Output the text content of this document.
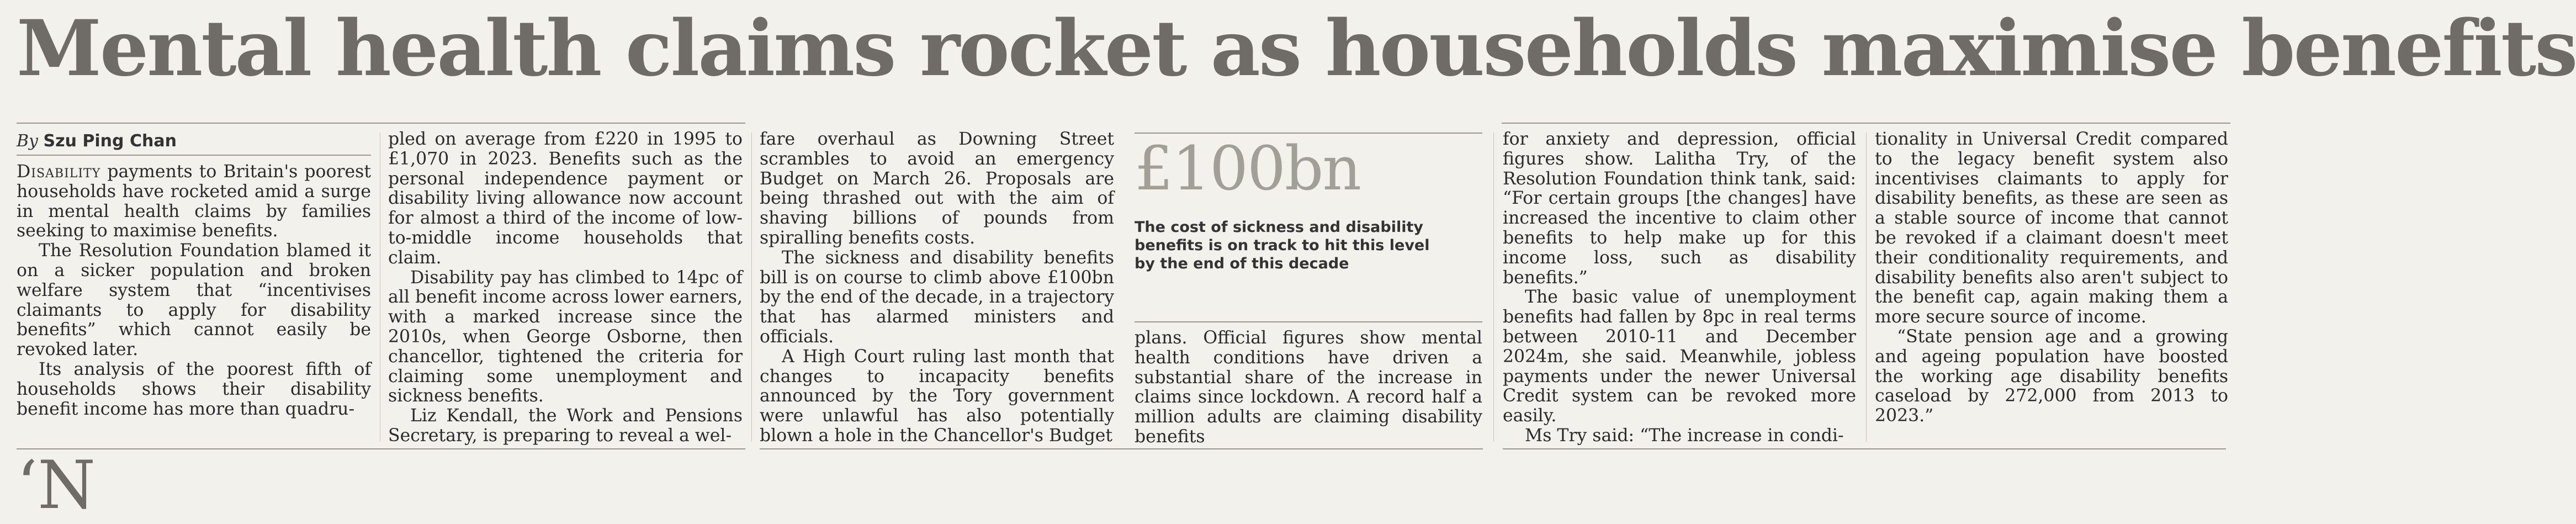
Mental health claims rocket as households maximise benefits
By Szu Ping Chan

Disability payments to Britain's poorest households have rocketed amid a surge in mental health claims by families seeking to maximise benefits.

The Resolution Foundation blamed it on a sicker population and broken welfare system that “incentivises claimants to apply for disability benefits” which cannot easily be revoked later.

Its analysis of the poorest fifth of households shows their disability benefit income has more than quadru-

pled on average from £220 in 1995 to £1,070 in 2023. Benefits such as the personal independence payment or disability living allowance now account for almost a third of the income of low-to-middle income households that claim.

Disability pay has climbed to 14pc of all benefit income across lower earners, with a marked increase since the 2010s, when George Osborne, then chancellor, tightened the criteria for claiming some unemployment and sickness benefits.

Liz Kendall, the Work and Pensions Secretary, is preparing to reveal a wel-

fare overhaul as Downing Street scrambles to avoid an emergency Budget on March 26. Proposals are being thrashed out with the aim of shaving billions of pounds from spiralling benefits costs.

The sickness and disability benefits bill is on course to climb above £100bn by the end of the decade, in a trajectory that has alarmed ministers and officials.

A High Court ruling last month that changes to incapacity benefits announced by the Tory government were unlawful has also potentially blown a hole in the Chancellor's Budget

£100bn

The cost of sickness and disability benefits is on track to hit this level by the end of this decade

plans. Official figures show mental health conditions have driven a substantial share of the increase in claims since lockdown. A record half a million adults are claiming disability benefits

for anxiety and depression, official figures show. Lalitha Try, of the Resolution Foundation think tank, said: “For certain groups [the changes] have increased the incentive to claim other benefits to help make up for this income loss, such as disability benefits.”

The basic value of unemployment benefits had fallen by 8pc in real terms between 2010-11 and December 2024m, she said. Meanwhile, jobless payments under the newer Universal Credit system can be revoked more easily.

Ms Try said: “The increase in condi-

tionality in Universal Credit compared to the legacy benefit system also incentivises claimants to apply for disability benefits, as these are seen as a stable source of income that cannot be revoked if a claimant doesn't meet their conditionality requirements, and disability benefits also aren't subject to the benefit cap, again making them a more secure source of income.

“State pension age and a growing and ageing population have boosted the working age disability benefits caseload by 272,000 from 2013 to 2023.”

‘N
